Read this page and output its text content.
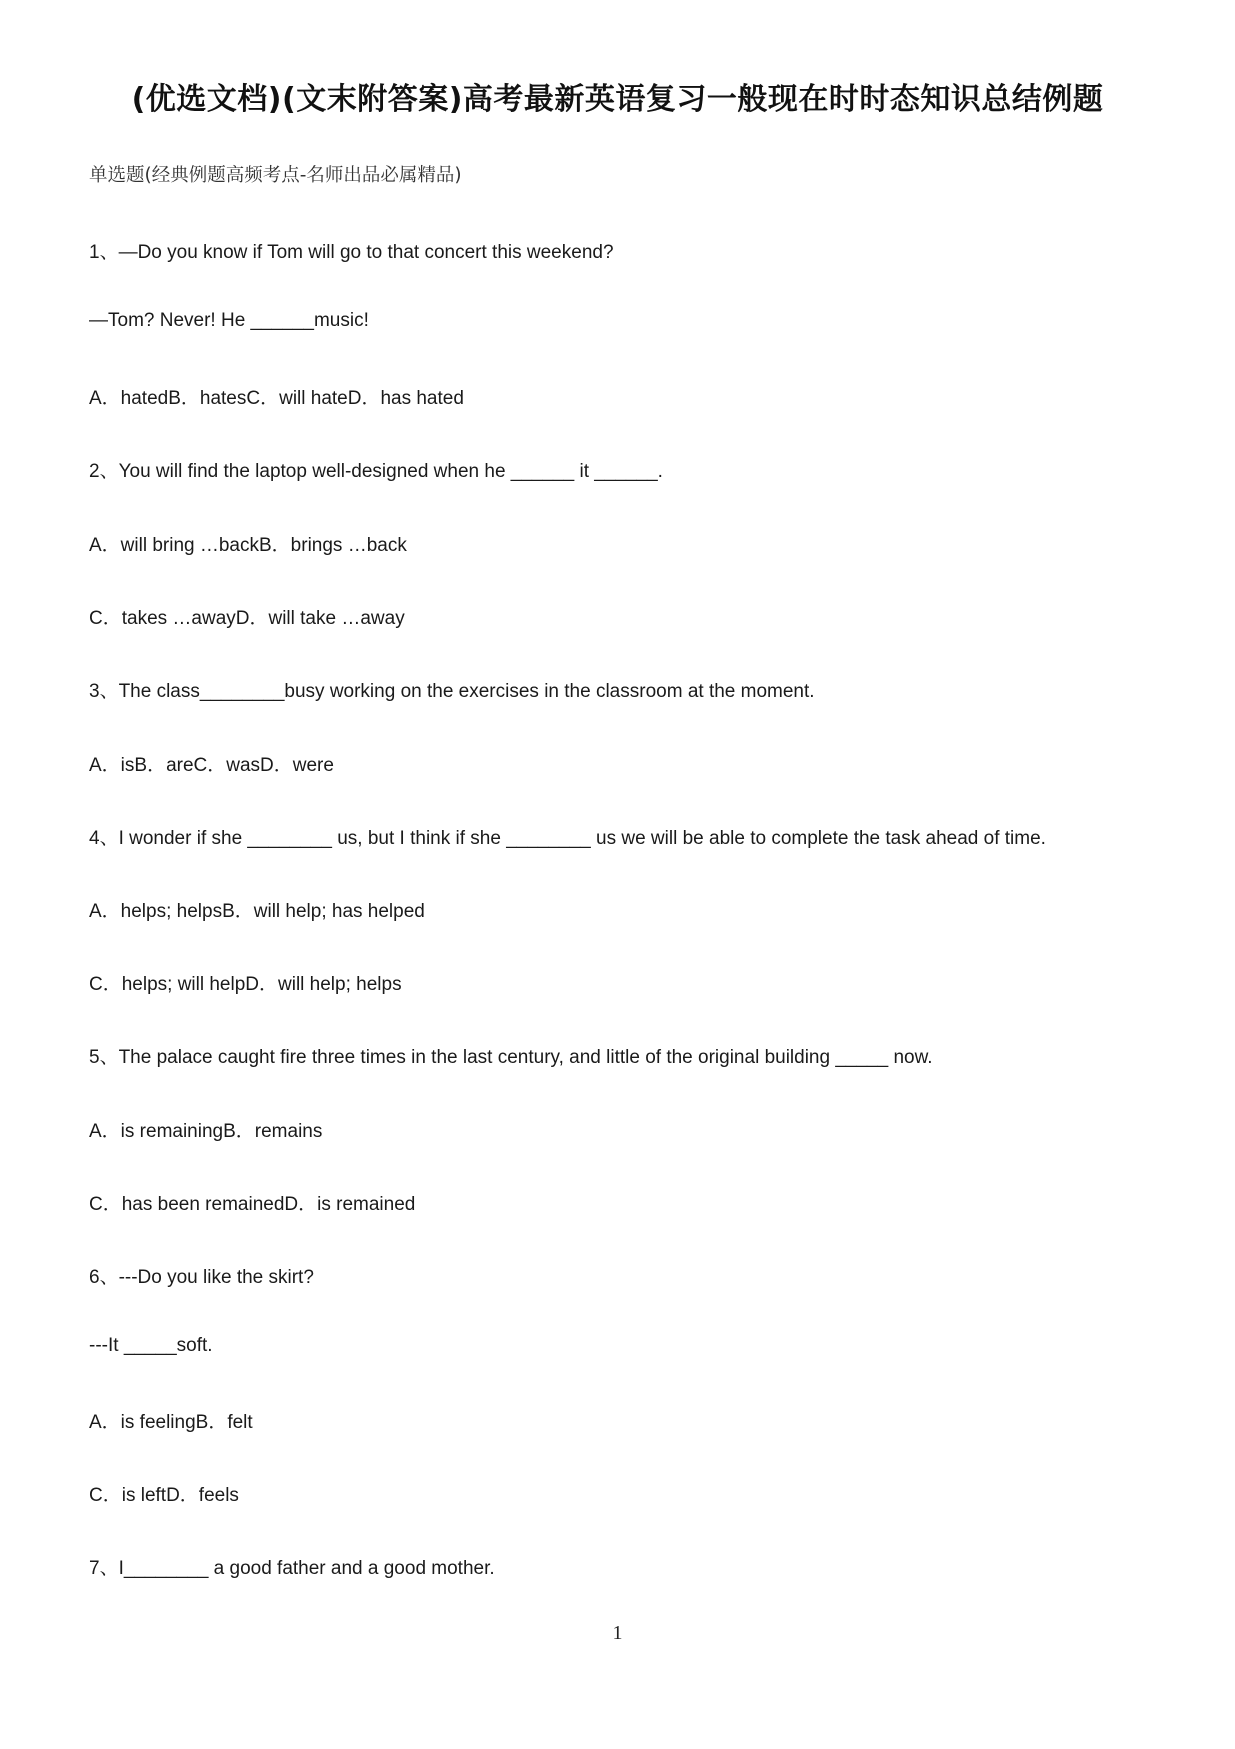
(优选文档)(文末附答案)高考最新英语复习一般现在时时态知识总结例题
单选题(经典例题高频考点-名师出品必属精品)
1、—Do you know if Tom will go to that concert this weekend?
—Tom? Never! He ______music!
A．hatedB．hatesC．will hateD．has hated
2、You will find the laptop well-designed when he ______ it ______.
A．will bring …backB．brings …back
C．takes …awayD．will take …away
3、The class________busy working on the exercises in the classroom at the moment.
A．isB．areC．wasD．were
4、I wonder if she ________ us, but I think if she ________ us we will be able to complete the task ahead of time.
A．helps; helpsB．will help; has helped
C．helps; will helpD．will help; helps
5、The palace caught fire three times in the last century, and little of the original building _____ now.
A．is remainingB．remains
C．has been remainedD．is remained
6、---Do you like the skirt?
---It _____soft.
A．is feelingB．felt
C．is leftD．feels
7、I________ a good father and a good mother.
1
